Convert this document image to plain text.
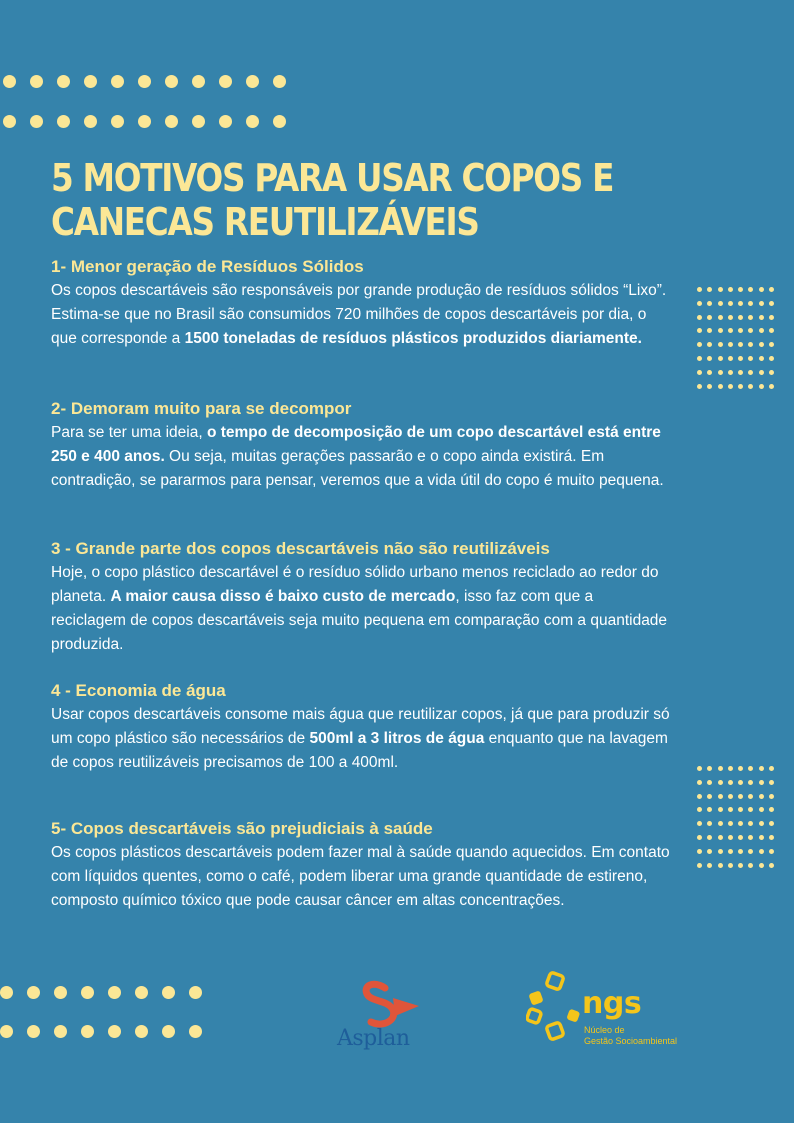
5 MOTIVOS PARA USAR COPOS E
CANECAS REUTILIZÁVEIS
1- Menor geração de Resíduos Sólidos

Os copos descartáveis são responsáveis por grande produção de resíduos sólidos “Lixo”. Estima-se que no Brasil são consumidos 720 milhões de copos descartáveis por dia, o que corresponde a 1500 toneladas de resíduos plásticos produzidos diariamente.

2- Demoram muito para se decompor

Para se ter uma ideia, o tempo de decomposição de um copo descartável está entre 250 e 400 anos. Ou seja, muitas gerações passarão e o copo ainda existirá. Em contradição, se pararmos para pensar, veremos que a vida útil do copo é muito pequena.

3 - Grande parte dos copos descartáveis não são reutilizáveis

Hoje, o copo plástico descartável é o resíduo sólido urbano menos reciclado ao redor do planeta. A maior causa disso é baixo custo de mercado, isso faz com que a reciclagem de copos descartáveis seja muito pequena em comparação com a quantidade produzida.

4 - Economia de água

Usar copos descartáveis consome mais água que reutilizar copos, já que para produzir só um copo plástico são necessários de 500ml a 3 litros de água enquanto que na lavagem de copos reutilizáveis precisamos de 100 a 400ml.

5- Copos descartáveis são prejudiciais à saúde

Os copos plásticos descartáveis podem fazer mal à saúde quando aquecidos. Em contato com líquidos quentes, como o café, podem liberar uma grande quantidade de estireno, composto químico tóxico que pode causar câncer em altas concentrações.

Asplan
ngs
Núcleo de
Gestão Socioambiental
